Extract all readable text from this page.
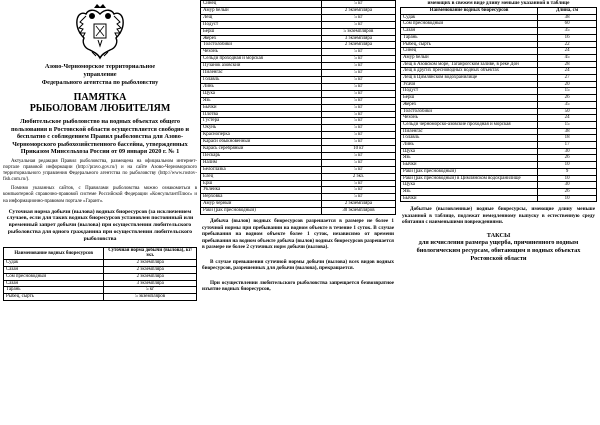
Азово-Черноморское территориальное
управление
Федерального агентства по рыболовству
ПАМЯТКА
РЫБОЛОВАМ ЛЮБИТЕЛЯМ
Любительское рыболовство на водных объектах общего пользования в Ростовской области осуществляется свободно и бесплатно с соблюдением Правил рыболовства для Азово-Черноморского рыбохозяйственного бассейна, утвержденных Приказом Минсельхоза России от 09 января 2020 г. № 1
Актуальная редакция Правил рыболовства, размещена на официальном интернет-портале правовой информации (http://pravo.gov.ru/) и на сайте Азово-Черноморского территориального управления Федерального агентства по рыболовству (http://www.rostov-fish.com.ru/).
Помимо указанных сайтов, с Правилами рыболовства можно ознакомиться в компьютерной справочно-правовой системе Российской Федерации «КонсультантПлюс» и на информационно-правовом портале «Гарант».
Суточная норма добычи (вылова) водных биоресурсов (за исключением случаев, если для таких водных биоресурсов установлен постоянный или временный запрет добычи (вылова) при осуществлении любительского рыболовства для одного гражданина при осуществлении любительского рыболовства
Наименование водных биоресурсов	Суточная норма добычи (вылова), кг/экз.
Судак	2 экземпляра
Сазан	2 экземпляра
Сом пресноводный	2 экземпляра
Сазан	3 экземпляра
Тарань	5 кг
Рыбец, сырть	5 экземпляров
Синец	5 кг
Амур белый	2 экземпляра
Лещ	5 кг
Подуст	5 кг
Берш	5 экземпляров
Жерех	3 экземпляра
Толстолобики	2 экземпляра
Чехонь	5 кг
Сельди проходная и морская	5 кг
Пузанок азовский	5 кг
Пиленгас	5 кг
Голавль	5 кг
Линь	5 кг
Щука	5 кг
Язь	5 кг
Бычки	5 кг
Плотва	5 кг
Густера	5 кг
Окунь	5 кг
Красноперка	5 кг
Караси обыкновенный	5 кг
Карась серебряный	10 кг
Пескарь	5 кг
Налим	5 кг
Белоглазка	5 кг
Елец	2 экз.
Ерш	5 кг
Уклейка	5 кг
Верховка	5 кг
Амур черный	2 экземпляра
Раки (рак пресноводный)	30 экземпляров
Добыча (вылов) водных биоресурсов разрешается в размере не более 1 суточной нормы при пребывании на водном объекте в течение 1 суток. В случае пребывания на водном объекте более 1 суток, независимо от времени пребывания на водном объекте добыча (вылов) водных биоресурсов разрешается в размере не более 2 суточных норм добычи (вылова).
В случае превышения суточной нормы добычи (вылова) всех видов водных биоресурсов, разрешенных для добычи (вылова), прекращается.
При осуществлении любительского рыболовства запрещается безвозвратное изъятие водных биоресурсов,
имеющих в свежем виде длину меньше указанной в таблице
Наименование водных биоресурсов	Длина, см
Судак	38
Сом пресноводный	60
Сазан	35
Тарань	16
Рыбец, сырть	22
Синец	24
Амур белый	45
Лещ в Азовском море, Таганрогском заливе, в реке Дон	28
Лещ в других пресноводных водных объектах	24
Лещ в Цимлянском водохранилище	27
Усачи	20
Подуст	15
Берш	26
Жерех	35
Толстолобики	50
Чехонь	24
Сельди черноморско-азовские проходная и морская	15
Пиленгас	38
Голавль	18
Линь	17
Щука	30
Язь	26
Бычки	10
Раки (рак пресноводный)	9
Раки (рак пресноводный) в Цимлянском водохранилище	10
Щука	30
Язь	26
Бычки	10
Добытые (выловленные) водные биоресурсы, имеющие длину меньше указанной в таблице, подлежат немедленному выпуску в естественную среду обитания с наименьшими повреждениями.
ТАКСЫ
для исчисления размера ущерба, причиненного водным биологическим ресурсам, обитающим в водных объектах Ростовской области
